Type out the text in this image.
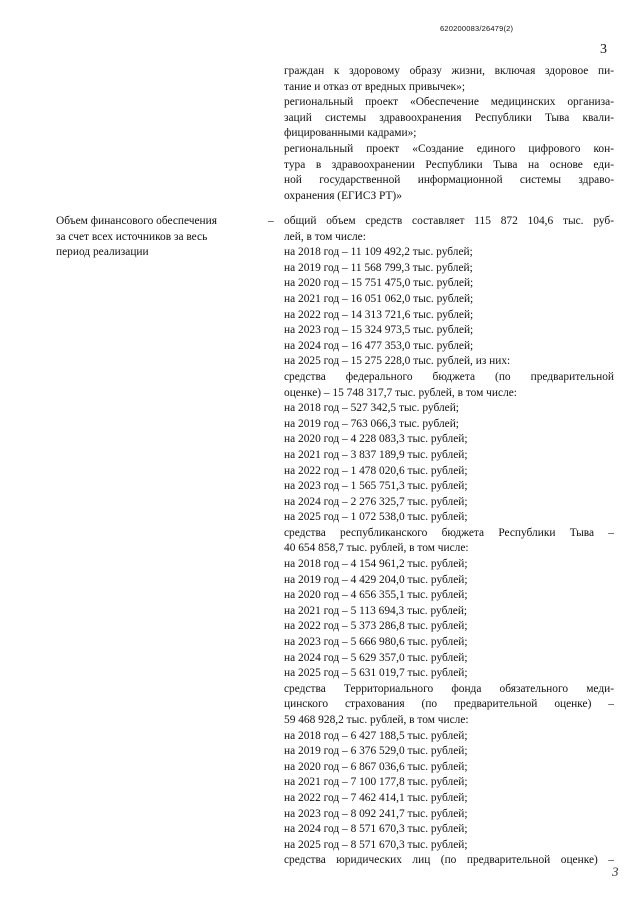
620200083/26479(2)
3
граждан к здоровому образу жизни, включая здоровое пи-
тание и отказ от вредных привычек»;
региональный проект «Обеспечение медицинских организа-
заций системы здравоохранения Республики Тыва квали-
фицированными кадрами»;
региональный проект «Создание единого цифрового кон-
тура в здравоохранении Республики Тыва на основе еди-
ной государственной информационной системы здраво-
охранения (ЕГИСЗ РТ)»
Объем финансового обеспечения
за счет всех источников за весь
период реализации
– общий объем средств составляет 115 872 104,6 тыс. руб-
лей, в том числе:
на 2018 год – 11 109 492,2 тыс. рублей;
на 2019 год – 11 568 799,3 тыс. рублей;
на 2020 год – 15 751 475,0 тыс. рублей;
на 2021 год – 16 051 062,0 тыс. рублей;
на 2022 год – 14 313 721,6 тыс. рублей;
на 2023 год – 15 324 973,5 тыс. рублей;
на 2024 год – 16 477 353,0 тыс. рублей;
на 2025 год – 15 275 228,0 тыс. рублей, из них:
средства федерального бюджета (по предварительной
оценке) – 15 748 317,7 тыс. рублей, в том числе:
на 2018 год – 527 342,5 тыс. рублей;
на 2019 год – 763 066,3 тыс. рублей;
на 2020 год – 4 228 083,3 тыс. рублей;
на 2021 год – 3 837 189,9 тыс. рублей;
на 2022 год – 1 478 020,6 тыс. рублей;
на 2023 год – 1 565 751,3 тыс. рублей;
на 2024 год – 2 276 325,7 тыс. рублей;
на 2025 год – 1 072 538,0 тыс. рублей;
средства республиканского бюджета Республики Тыва –
40 654 858,7 тыс. рублей, в том числе:
на 2018 год – 4 154 961,2 тыс. рублей;
на 2019 год – 4 429 204,0 тыс. рублей;
на 2020 год – 4 656 355,1 тыс. рублей;
на 2021 год – 5 113 694,3 тыс. рублей;
на 2022 год – 5 373 286,8 тыс. рублей;
на 2023 год – 5 666 980,6 тыс. рублей;
на 2024 год – 5 629 357,0 тыс. рублей;
на 2025 год – 5 631 019,7 тыс. рублей;
средства Территориального фонда обязательного меди-
цинского страхования (по предварительной оценке) –
59 468 928,2 тыс. рублей, в том числе:
на 2018 год – 6 427 188,5 тыс. рублей;
на 2019 год – 6 376 529,0 тыс. рублей;
на 2020 год – 6 867 036,6 тыс. рублей;
на 2021 год – 7 100 177,8 тыс. рублей;
на 2022 год – 7 462 414,1 тыс. рублей;
на 2023 год – 8 092 241,7 тыс. рублей;
на 2024 год – 8 571 670,3 тыс. рублей;
на 2025 год – 8 571 670,3 тыс. рублей;
средства юридических лиц (по предварительной оценке) –
3
